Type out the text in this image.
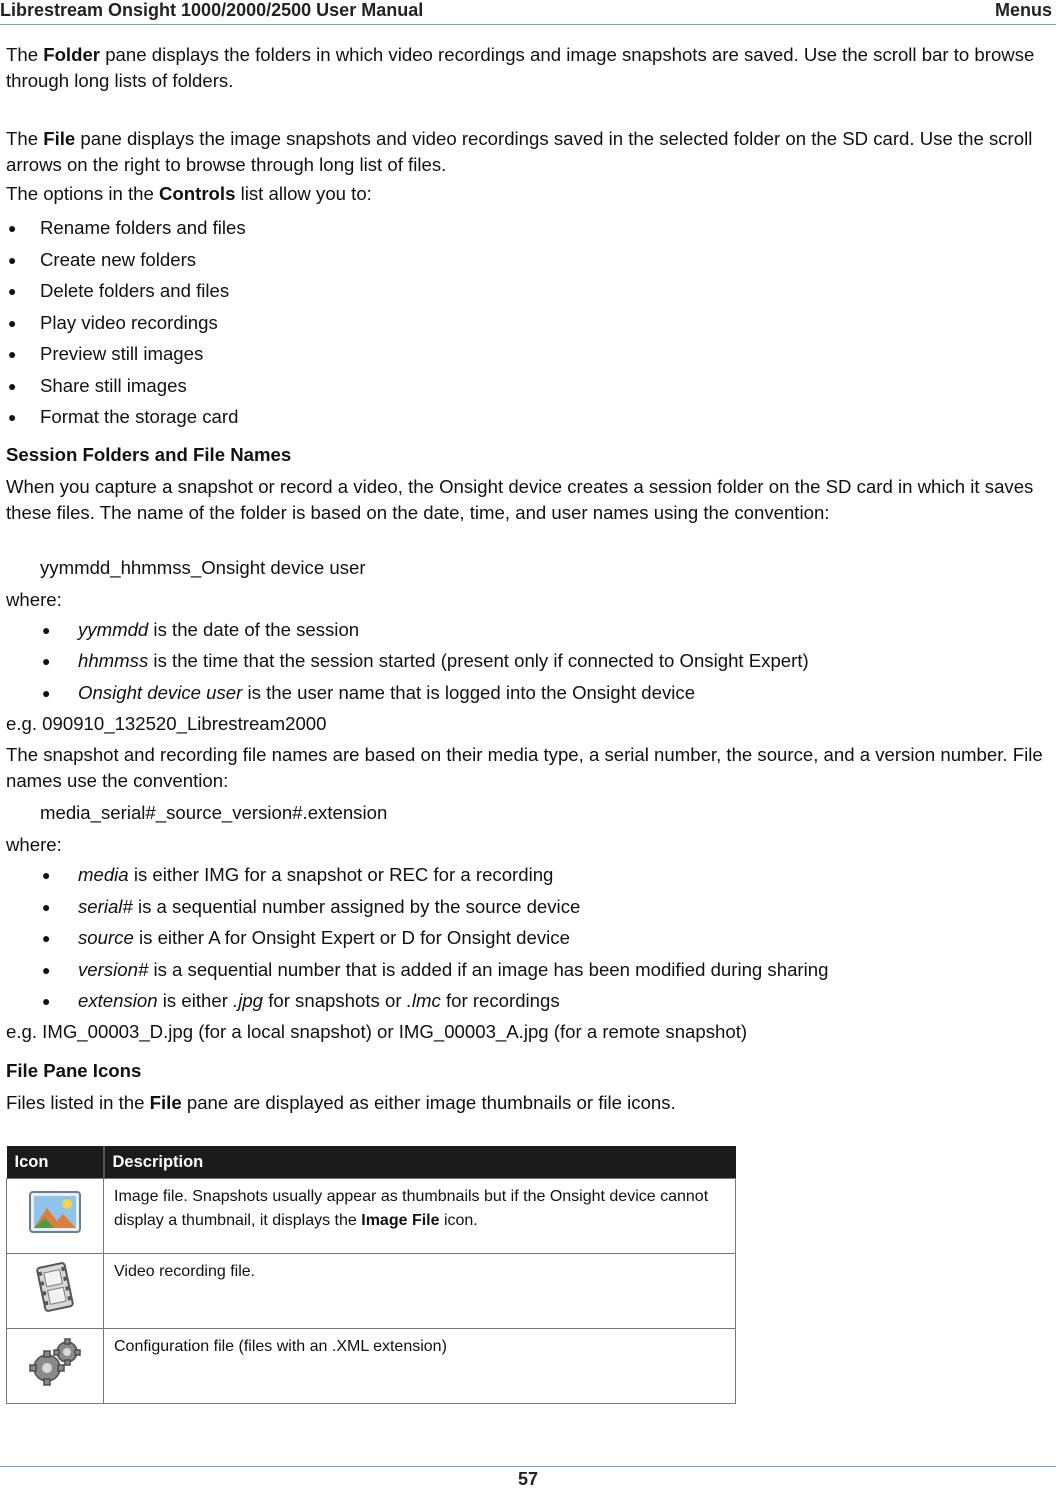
Librestream Onsight 1000/2000/2500 User Manual	Menus

The Folder pane displays the folders in which video recordings and image snapshots are saved. Use the scroll bar to browse through long lists of folders.

The File pane displays the image snapshots and video recordings saved in the selected folder on the SD card. Use the scroll arrows on the right to browse through long list of files.

The options in the Controls list allow you to:

● Rename folders and files
● Create new folders
● Delete folders and files
● Play video recordings
● Preview still images
● Share still images
● Format the storage card
Session Folders and File Names

When you capture a snapshot or record a video, the Onsight device creates a session folder on the SD card in which it saves these files. The name of the folder is based on the date, time, and user names using the convention:

yymmdd_hhmmss_Onsight device user
where:
● yymmdd is the date of the session
● hhmmss is the time that the session started (present only if connected to Onsight Expert)
● Onsight device user is the user name that is logged into the Onsight device
e.g. 090910_132520_Librestream2000

The snapshot and recording file names are based on their media type, a serial number, the source, and a version number. File names use the convention:

media_serial#_source_version#.extension
where:
● media is either IMG for a snapshot or REC for a recording
● serial# is a sequential number assigned by the source device
● source is either A for Onsight Expert or D for Onsight device
● version# is a sequential number that is added if an image has been modified during sharing
● extension is either .jpg for snapshots or .lmc for recordings
e.g. IMG_00003_D.jpg (for a local snapshot) or IMG_00003_A.jpg (for a remote snapshot)
File Pane Icons
Files listed in the File pane are displayed as either image thumbnails or file icons.
Icon	Description
	Image file. Snapshots usually appear as thumbnails but if the Onsight device cannot display a thumbnail, it displays the Image File icon.
	Video recording file.
	Configuration file (files with an .XML extension)
57
